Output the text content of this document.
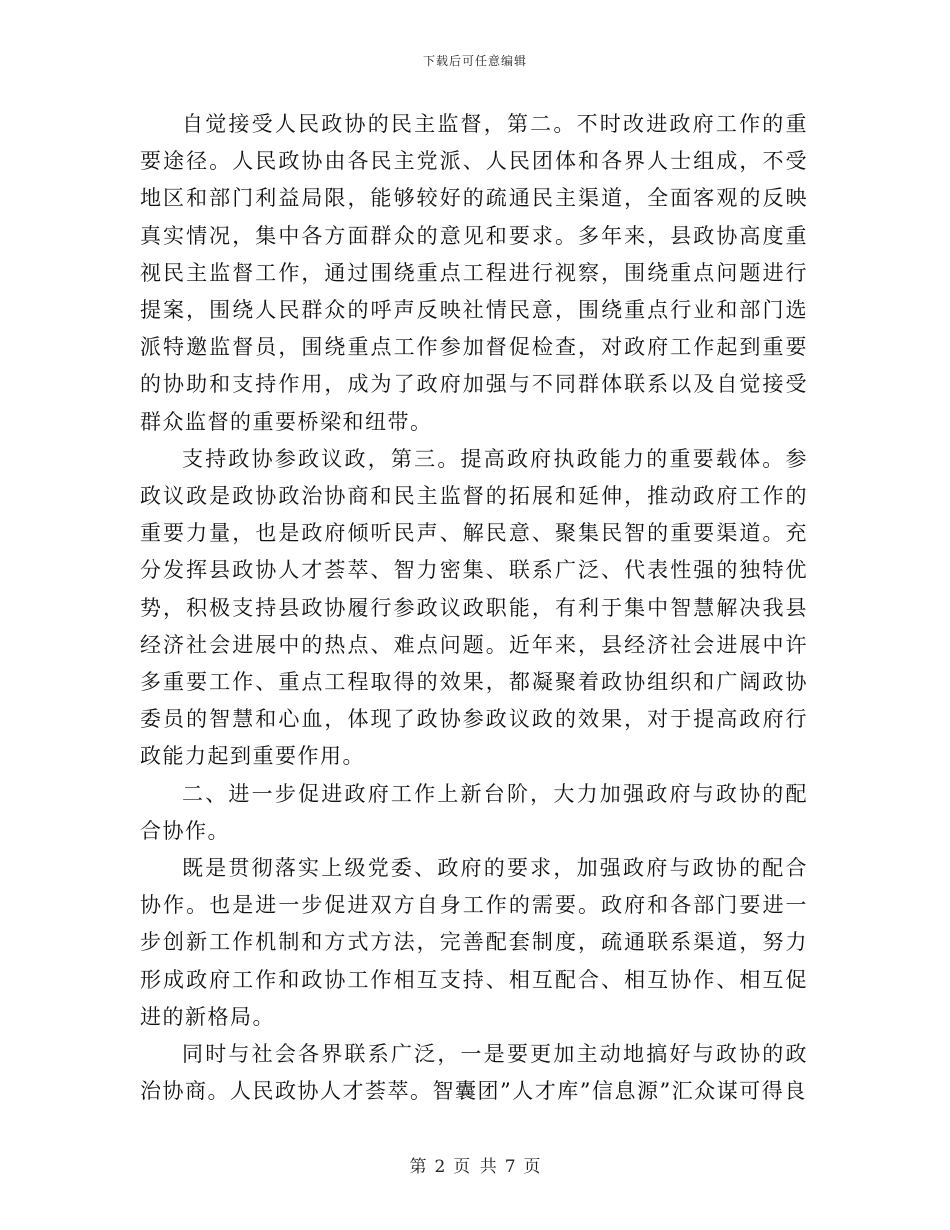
下载后可任意编辑

自觉接受人民政协的民主监督，第二。不时改进政府工作的重要途径。人民政协由各民主党派、人民团体和各界人士组成，不受地区和部门利益局限，能够较好的疏通民主渠道，全面客观的反映真实情况，集中各方面群众的意见和要求。多年来，县政协高度重视民主监督工作，通过围绕重点工程进行视察，围绕重点问题进行提案，围绕人民群众的呼声反映社情民意，围绕重点行业和部门选派特邀监督员，围绕重点工作参加督促检查，对政府工作起到重要的协助和支持作用，成为了政府加强与不同群体联系以及自觉接受群众监督的重要桥梁和纽带。

支持政协参政议政，第三。提高政府执政能力的重要载体。参政议政是政协政治协商和民主监督的拓展和延伸，推动政府工作的重要力量，也是政府倾听民声、解民意、聚集民智的重要渠道。充分发挥县政协人才荟萃、智力密集、联系广泛、代表性强的独特优势，积极支持县政协履行参政议政职能，有利于集中智慧解决我县经济社会进展中的热点、难点问题。近年来，县经济社会进展中许多重要工作、重点工程取得的效果，都凝聚着政协组织和广阔政协委员的智慧和心血，体现了政协参政议政的效果，对于提高政府行政能力起到重要作用。

二、进一步促进政府工作上新台阶，大力加强政府与政协的配合协作。

既是贯彻落实上级党委、政府的要求，加强政府与政协的配合协作。也是进一步促进双方自身工作的需要。政府和各部门要进一步创新工作机制和方式方法，完善配套制度，疏通联系渠道，努力形成政府工作和政协工作相互支持、相互配合、相互协作、相互促进的新格局。

同时与社会各界联系广泛，一是要更加主动地搞好与政协的政治协商。人民政协人才荟萃。智囊团”人才库”信息源”汇众谋可得良

第 2 页 共 7 页
